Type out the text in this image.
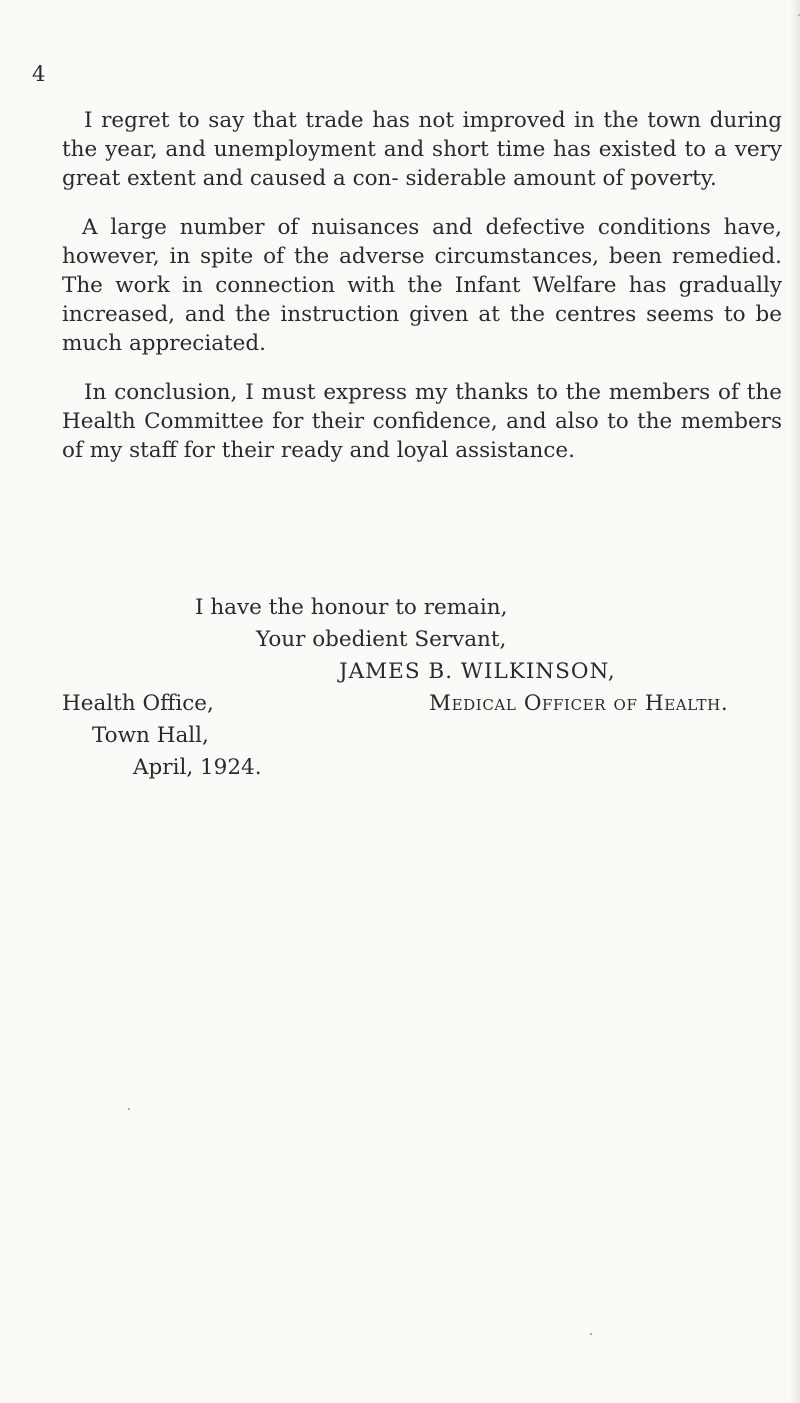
4

I regret to say that trade has not improved in the town during the year, and unemployment and short time has existed to a very great extent and caused a con- siderable amount of poverty.

A large number of nuisances and defective conditions have, however, in spite of the adverse circumstances, been remedied. The work in connection with the Infant Welfare has gradually increased, and the instruction given at the centres seems to be much appreciated.

In conclusion, I must express my thanks to the members of the Health Committee for their confidence, and also to the members of my staff for their ready and loyal assistance.

I have the honour to remain,
Your obedient Servant,
JAMES B. WILKINSON,
Medical Officer of Health.
Health Office,
Town Hall,
April, 1924.
